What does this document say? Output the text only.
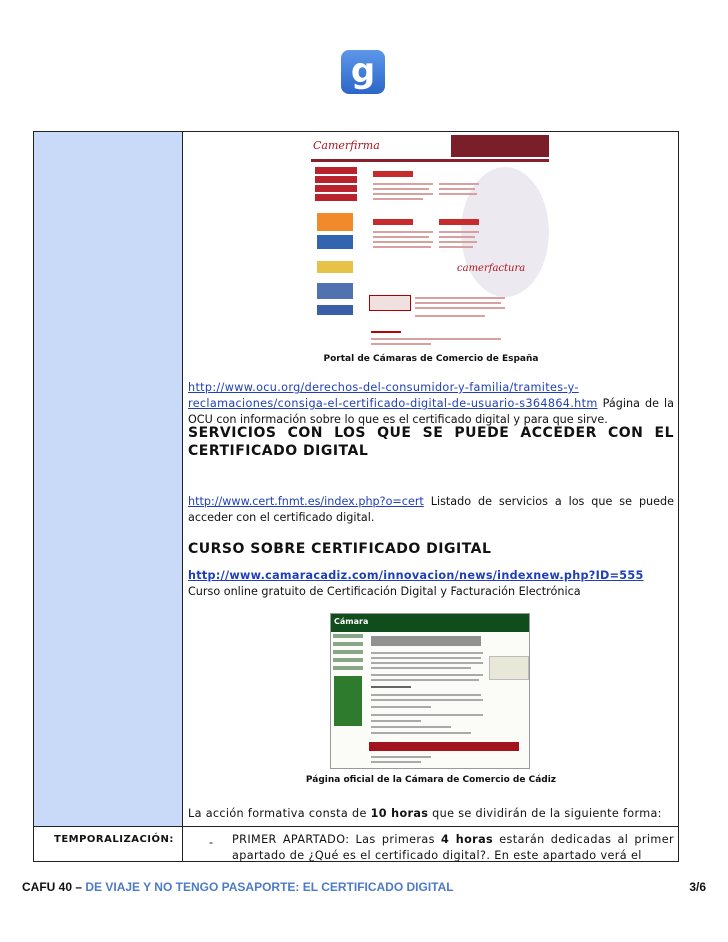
g
TEMPORALIZACIÓN:
Camerfirma
camerfactura
Portal de Cámaras de Comercio de España
http://www.ocu.org/derechos-del-consumidor-y-familia/tramites-y-reclamaciones/consiga-el-certificado-digital-de-usuario-s364864.htm Página de la OCU con información sobre lo que es el certificado digital y para que sirve.
SERVICIOS CON LOS QUE SE PUEDE ACCEDER CON EL CERTIFICADO DIGITAL
http://www.cert.fnmt.es/index.php?o=cert Listado de servicios a los que se puede acceder con el certificado digital.
CURSO SOBRE CERTIFICADO DIGITAL
http://www.camaracadiz.com/innovacion/news/indexnew.php?ID=555
Curso online gratuito de Certificación Digital y Facturación Electrónica
Cámara
Página oficial de la Cámara de Comercio de Cádiz
La acción formativa consta de 10 horas que se dividirán de la siguiente forma:
- PRIMER APARTADO: Las primeras 4 horas estarán dedicadas al primer apartado de ¿Qué es el certificado digital?. En este apartado verá el
CAFU 40 – DE VIAJE Y NO TENGO PASAPORTE: EL CERTIFICADO DIGITAL	3/6
